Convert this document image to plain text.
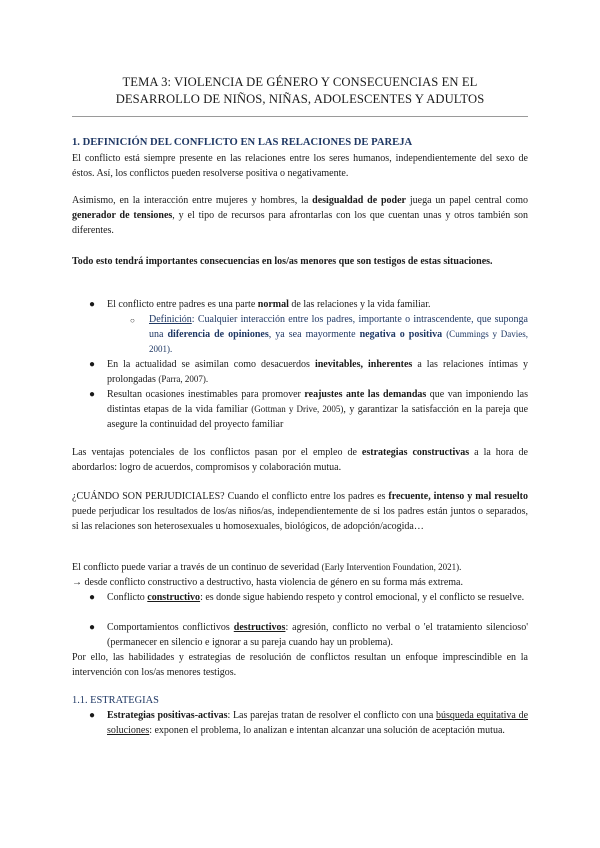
TEMA 3: VIOLENCIA DE GÉNERO Y CONSECUENCIAS EN EL
DESARROLLO DE NIÑOS, NIÑAS, ADOLESCENTES Y ADULTOS
1. DEFINICIÓN DEL CONFLICTO EN LAS RELACIONES DE PAREJA
El conflicto está siempre presente en las relaciones entre los seres humanos, independientemente del sexo de éstos. Así, los conflictos pueden resolverse positiva o negativamente.
Asimismo, en la interacción entre mujeres y hombres, la desigualdad de poder juega un papel central como generador de tensiones, y el tipo de recursos para afrontarlas con los que cuentan unas y otros también son diferentes.
Todo esto tendrá importantes consecuencias en los/as menores que son testigos de estas situaciones.
● El conflicto entre padres es una parte normal de las relaciones y la vida familiar.
○ Definición: Cualquier interacción entre los padres, importante o intrascendente, que suponga una diferencia de opiniones, ya sea mayormente negativa o positiva (Cummings y Davies, 2001).
● En la actualidad se asimilan como desacuerdos inevitables, inherentes a las relaciones íntimas y prolongadas (Parra, 2007).
● Resultan ocasiones inestimables para promover reajustes ante las demandas que van imponiendo las distintas etapas de la vida familiar (Gottman y Drive, 2005), y garantizar la satisfacción en la pareja que asegure la continuidad del proyecto familiar
Las ventajas potenciales de los conflictos pasan por el empleo de estrategias constructivas a la hora de abordarlos: logro de acuerdos, compromisos y colaboración mutua.
¿CUÁNDO SON PERJUDICIALES? Cuando el conflicto entre los padres es frecuente, intenso y mal resuelto puede perjudicar los resultados de los/as niños/as, independientemente de si los padres están juntos o separados, si las relaciones son heterosexuales u homosexuales, biológicos, de adopción/acogida…
El conflicto puede variar a través de un continuo de severidad (Early Intervention Foundation, 2021).
→ desde conflicto constructivo a destructivo, hasta violencia de género en su forma más extrema.
● Conflicto constructivo: es donde sigue habiendo respeto y control emocional, y el conflicto se resuelve.
● Comportamientos conflictivos destructivos: agresión, conflicto no verbal o 'el tratamiento silencioso' (permanecer en silencio e ignorar a su pareja cuando hay un problema).
Por ello, las habilidades y estrategias de resolución de conflictos resultan un enfoque imprescindible en la intervención con los/as menores testigos.
1.1. ESTRATEGIAS
● Estrategias positivas-activas: Las parejas tratan de resolver el conflicto con una búsqueda equitativa de soluciones: exponen el problema, lo analizan e intentan alcanzar una solución de aceptación mutua.
